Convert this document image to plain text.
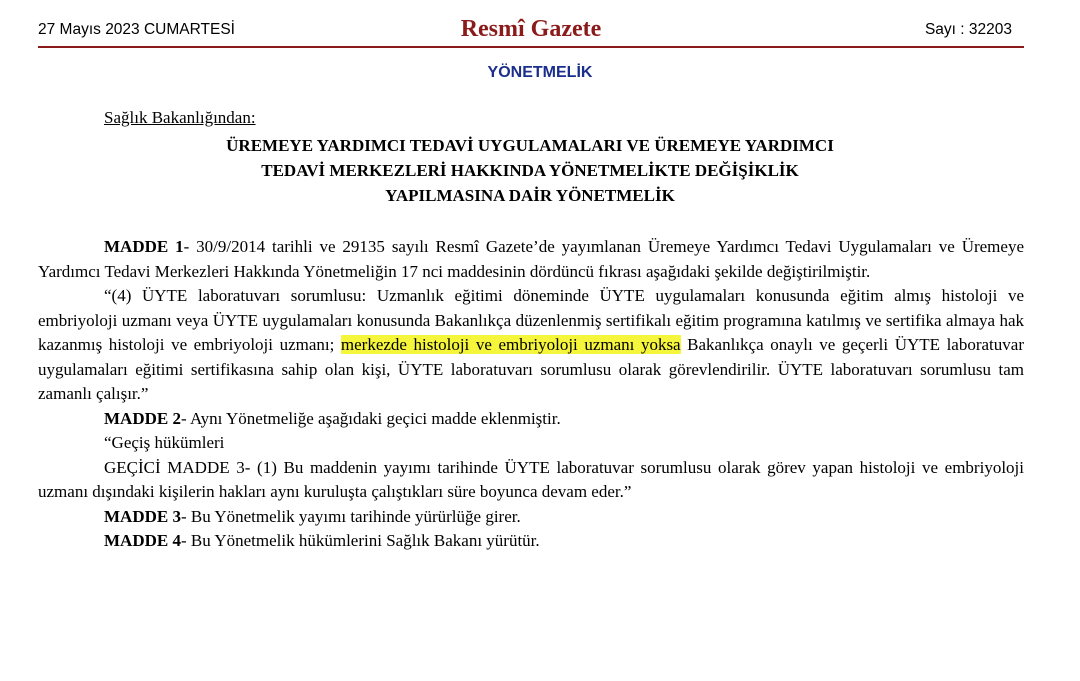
27 Mayıs 2023 CUMARTESİ	Resmî Gazete	Sayı : 32203
YÖNETMELİK
Sağlık Bakanlığından:
ÜREMEYE YARDIMCI TEDAVİ UYGULAMALARI VE ÜREMEYE YARDIMCI
TEDAVİ MERKEZLERİ HAKKINDA YÖNETMELİKTE DEĞİŞİKLİK
YAPILMASINA DAİR YÖNETMELİK

MADDE 1- 30/9/2014 tarihli ve 29135 sayılı Resmî Gazete’de yayımlanan Üremeye Yardımcı Tedavi Uygulamaları ve Üremeye Yardımcı Tedavi Merkezleri Hakkında Yönetmeliğin 17 nci maddesinin dördüncü fıkrası aşağıdaki şekilde değiştirilmiştir.

“(4) ÜYTE laboratuvarı sorumlusu: Uzmanlık eğitimi döneminde ÜYTE uygulamaları konusunda eğitim almış histoloji ve embriyoloji uzmanı veya ÜYTE uygulamaları konusunda Bakanlıkça düzenlenmiş sertifikalı eğitim programına katılmış ve sertifika almaya hak kazanmış histoloji ve embriyoloji uzmanı; merkezde histoloji ve embriyoloji uzmanı yoksa Bakanlıkça onaylı ve geçerli ÜYTE laboratuvar uygulamaları eğitimi sertifikasına sahip olan kişi, ÜYTE laboratuvarı sorumlusu olarak görevlendirilir. ÜYTE laboratuvarı sorumlusu tam zamanlı çalışır.”

MADDE 2- Aynı Yönetmeliğe aşağıdaki geçici madde eklenmiştir.

“Geçiş hükümleri

GEÇİCİ MADDE 3- (1) Bu maddenin yayımı tarihinde ÜYTE laboratuvar sorumlusu olarak görev yapan histoloji ve embriyoloji uzmanı dışındaki kişilerin hakları aynı kuruluşta çalıştıkları süre boyunca devam eder.”

MADDE 3- Bu Yönetmelik yayımı tarihinde yürürlüğe girer.

MADDE 4- Bu Yönetmelik hükümlerini Sağlık Bakanı yürütür.
